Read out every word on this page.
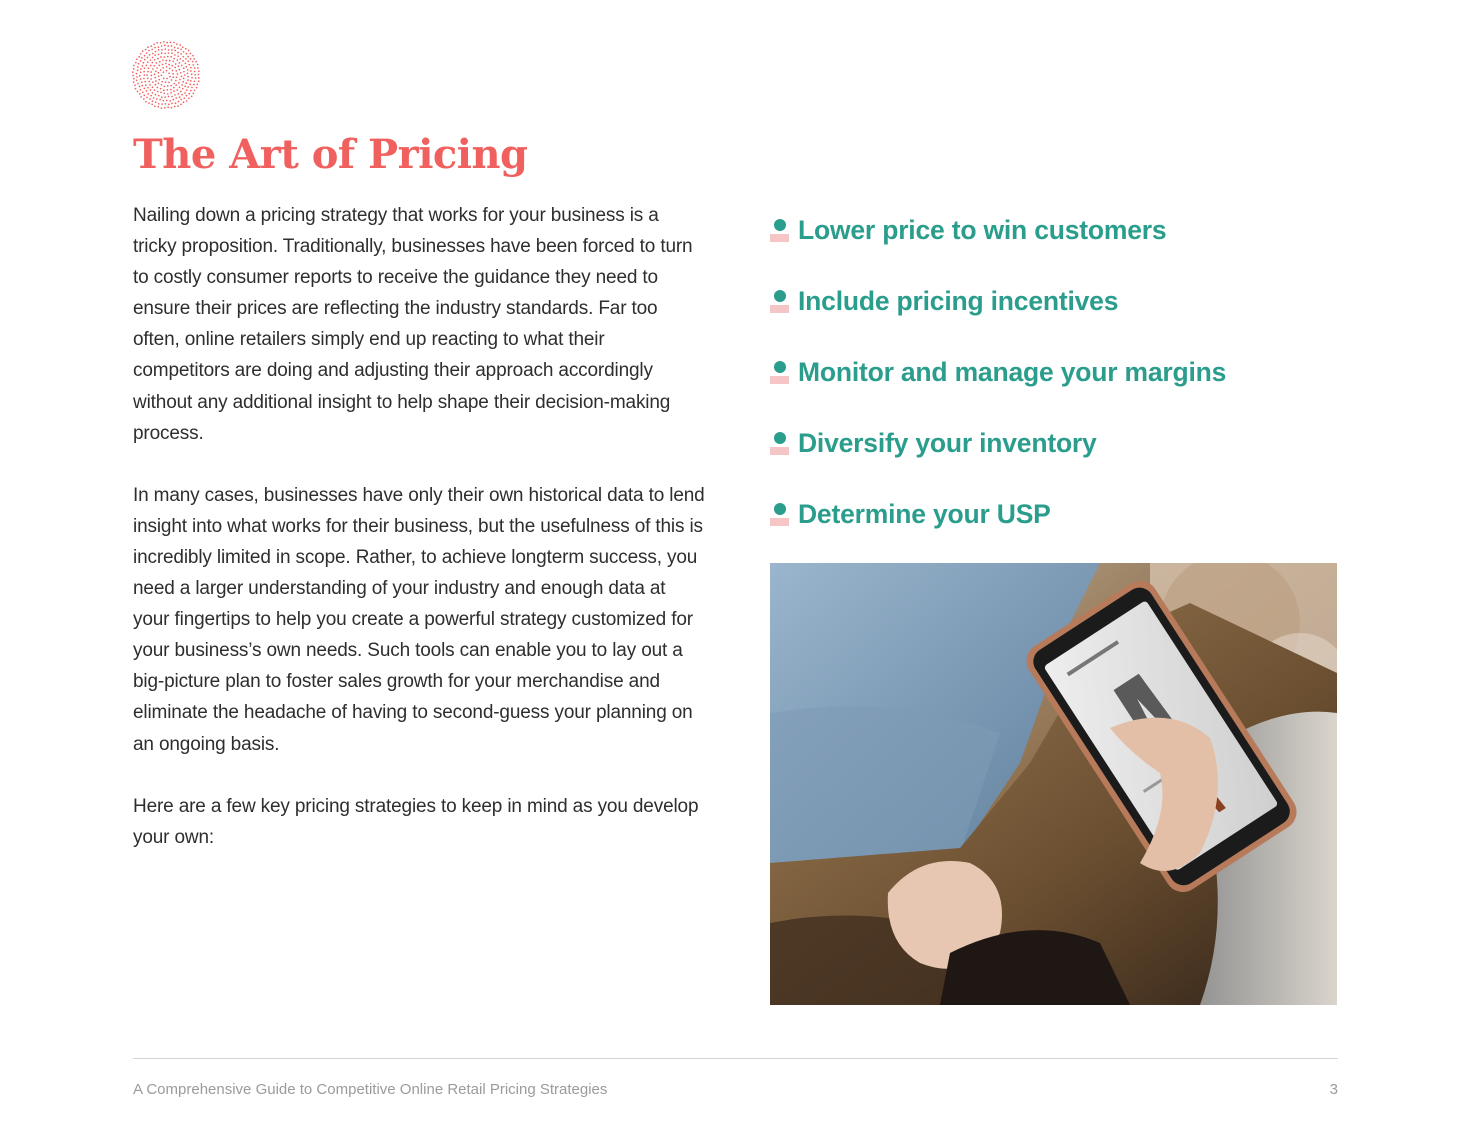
The Art of Pricing

Nailing down a pricing strategy that works for your business is a tricky proposition. Traditionally, businesses have been forced to turn to costly consumer reports to receive the guidance they need to ensure their prices are reflecting the industry standards. Far too often, online retailers simply end up reacting to what their competitors are doing and adjusting their approach accordingly without any additional insight to help shape their decision-making process.

In many cases, businesses have only their own historical data to lend insight into what works for their business, but the usefulness of this is incredibly limited in scope. Rather, to achieve longterm success, you need a larger understanding of your industry and enough data at your fingertips to help you create a powerful strategy customized for your business’s own needs. Such tools can enable you to lay out a big-picture plan to foster sales growth for your merchandise and eliminate the headache of having to second-guess your planning on an ongoing basis.

Here are a few key pricing strategies to keep in mind as you develop your own:

Lower price to win customers
Include pricing incentives
Monitor and manage your margins
Diversify your inventory
Determine your USP
A Comprehensive Guide to Competitive Online Retail Pricing Strategies	3
